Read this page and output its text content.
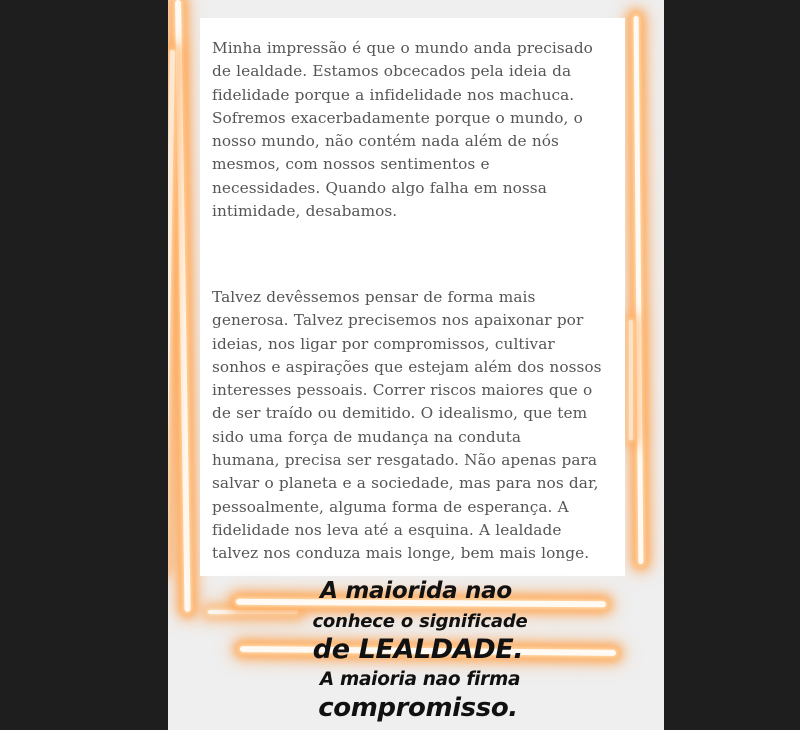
Minha impressão é que o mundo anda precisado
de lealdade. Estamos obcecados pela ideia da
fidelidade porque a infidelidade nos machuca.
Sofremos exacerbadamente porque o mundo, o
nosso mundo, não contém nada além de nós
mesmos, com nossos sentimentos e
necessidades. Quando algo falha em nossa
intimidade, desabamos.

Talvez devêssemos pensar de forma mais
generosa. Talvez precisemos nos apaixonar por
ideias, nos ligar por compromissos, cultivar
sonhos e aspirações que estejam além dos nossos
interesses pessoais. Correr riscos maiores que o
de ser traído ou demitido. O idealismo, que tem
sido uma força de mudança na conduta
humana, precisa ser resgatado. Não apenas para
salvar o planeta e a sociedade, mas para nos dar,
pessoalmente, alguma forma de esperança. A
fidelidade nos leva até a esquina. A lealdade
talvez nos conduza mais longe, bem mais longe.

A maiorida nao

conhece o significade

de LEALDADE.

A maioria nao firma

compromisso.
